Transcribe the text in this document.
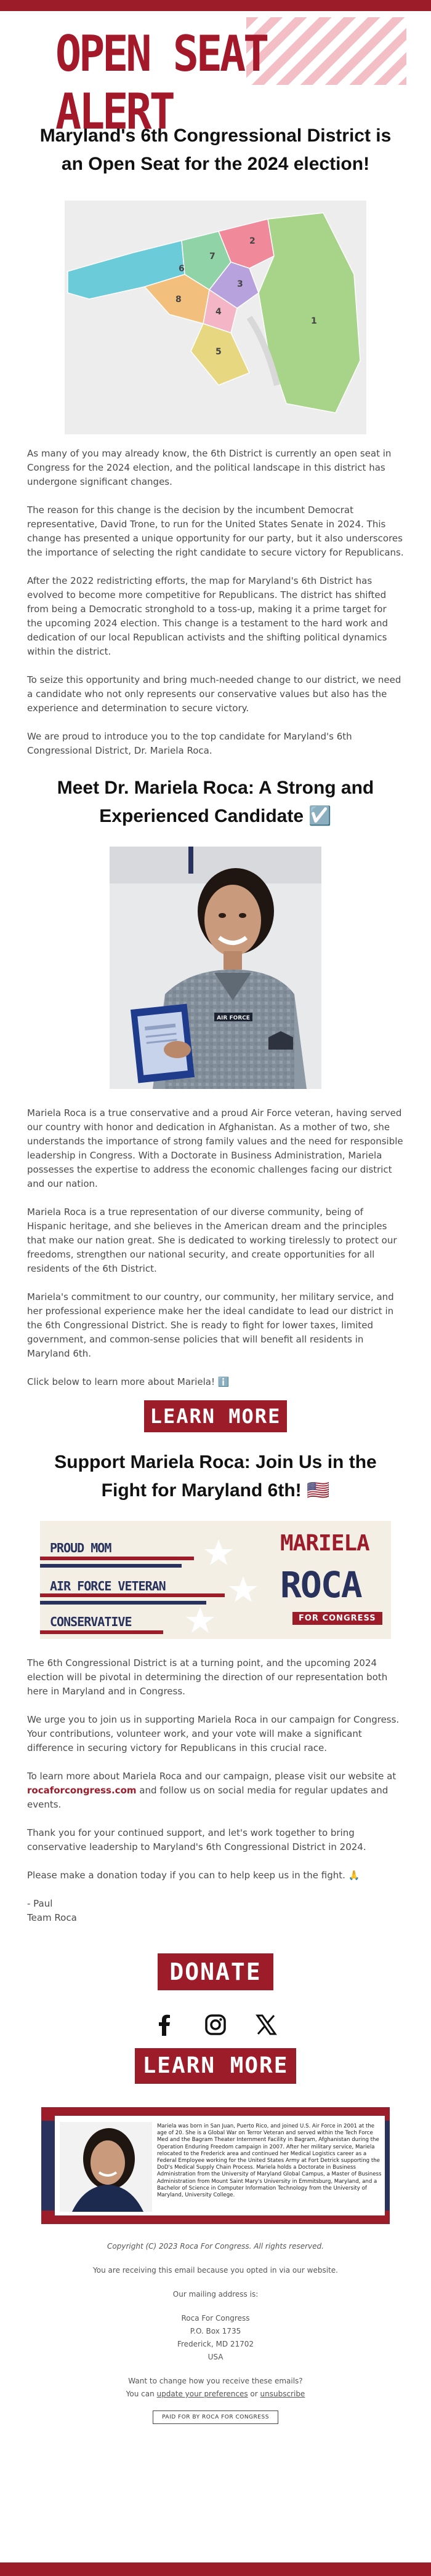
OPEN SEAT ALERT
Maryland's 6th Congressional District is an Open Seat for the 2024 election!
6
7
2
3
4
5
1
8

As many of you may already know, the 6th District is currently an open seat in Congress for the 2024 election, and the political landscape in this district has undergone significant changes.

The reason for this change is the decision by the incumbent Democrat representative, David Trone, to run for the United States Senate in 2024. This change has presented a unique opportunity for our party, but it also underscores the importance of selecting the right candidate to secure victory for Republicans.

After the 2022 redistricting efforts, the map for Maryland's 6th District has evolved to become more competitive for Republicans. The district has shifted from being a Democratic stronghold to a toss-up, making it a prime target for the upcoming 2024 election. This change is a testament to the hard work and dedication of our local Republican activists and the shifting political dynamics within the district.

To seize this opportunity and bring much-needed change to our district, we need a candidate who not only represents our conservative values but also has the experience and determination to secure victory.

We are proud to introduce you to the top candidate for Maryland's 6th Congressional District, Dr. Mariela Roca.

Meet Dr. Mariela Roca: A Strong and Experienced Candidate ☑️
AIR FORCE

Mariela Roca is a true conservative and a proud Air Force veteran, having served our country with honor and dedication in Afghanistan. As a mother of two, she understands the importance of strong family values and the need for responsible leadership in Congress. With a Doctorate in Business Administration, Mariela possesses the expertise to address the economic challenges facing our district and our nation.

Mariela Roca is a true representation of our diverse community, being of Hispanic heritage, and she believes in the American dream and the principles that make our nation great. She is dedicated to working tirelessly to protect our freedoms, strengthen our national security, and create opportunities for all residents of the 6th District.

Mariela's commitment to our country, our community, her military service, and her professional experience make her the ideal candidate to lead our district in the 6th Congressional District. She is ready to fight for lower taxes, limited government, and common-sense policies that will benefit all residents in Maryland 6th.

Click below to learn more about Mariela! ℹ️

LEARN MORE
Support Mariela Roca: Join Us in the Fight for Maryland 6th! 🇺🇸
PROUD MOM
AIR FORCE VETERAN
CONSERVATIVE
MARIELA
ROCA
FOR CONGRESS

The 6th Congressional District is at a turning point, and the upcoming 2024 election will be pivotal in determining the direction of our representation both here in Maryland and in Congress.

We urge you to join us in supporting Mariela Roca in our campaign for Congress. Your contributions, volunteer work, and your vote will make a significant difference in securing victory for Republicans in this crucial race.

To learn more about Mariela Roca and our campaign, please visit our website at rocaforcongress.com and follow us on social media for regular updates and events.

Thank you for your continued support, and let's work together to bring conservative leadership to Maryland's 6th Congressional District in 2024.

Please make a donation today if you can to help keep us in the fight. 🙏

- Paul

Team Roca

DONATE
LEARN MORE
Mariela was born in San Juan, Puerto Rico, and joined U.S. Air Force in 2001 at the age of 20. She is a Global War on Terror Veteran and served within the Tech Force Med and the Bagram Theater Internment Facility in Bagram, Afghanistan during the Operation Enduring Freedom campaign in 2007. After her military service, Mariela relocated to the Frederick area and continued her Medical Logistics career as a Federal Employee working for the United States Army at Fort Detrick supporting the DoD's Medical Supply Chain Process. Mariela holds a Doctorate in Business Administration from the University of Maryland Global Campus, a Master of Business Administration from Mount Saint Mary's University in Emmitsburg, Maryland, and a Bachelor of Science in Computer Information Technology from the University of Maryland, University College.

Copyright (C) 2023 Roca For Congress. All rights reserved.

You are receiving this email because you opted in via our website.

Our mailing address is:

Roca For Congress

P.O. Box 1735

Frederick, MD 21702

USA

Want to change how you receive these emails?

You can update your preferences or unsubscribe

PAID FOR BY ROCA FOR CONGRESS
